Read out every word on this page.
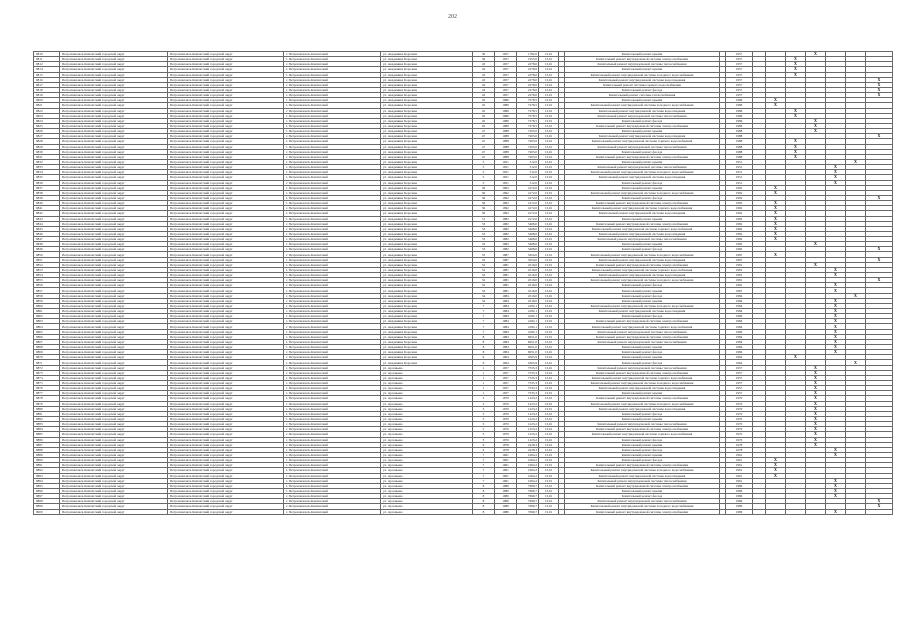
202
9810	Петропавловск-Камчатский городской округ	Петропавловск-Камчатский городской округ	г. Петропавловск-Камчатский	ул. Академика Королева	36	1957	1782,0	13,01		Капитальный ремонт крыши		1957				X			
9811	Петропавловск-Камчатский городской округ	Петропавловск-Камчатский городской округ	г. Петропавловск-Камчатский	ул. Академика Королева	36	1957	1955,0	13,01		Капитальный ремонт внутридомовой системы электроснабжения		1957			X				
9812	Петропавловск-Камчатский городской округ	Петропавловск-Камчатский городской округ	г. Петропавловск-Камчатский	ул. Академика Королева	43	1957	2278,0	13,01		Капитальный ремонт внутридомовой системы теплоснабжения		1957			X				
9814	Петропавловск-Камчатский городской округ	Петропавловск-Камчатский городской округ	г. Петропавловск-Камчатский	ул. Академика Королева	43	1957	2278,0	13,01		Капитальный ремонт крыши		1957			X				
9815	Петропавловск-Камчатский городской округ	Петропавловск-Камчатский городской округ	г. Петропавловск-Камчатский	ул. Академика Королева	43	1957	2278,0	13,01		Капитальный ремонт внутридомовой системы холодного водоснабжения		1957			X				
9816	Петропавловск-Камчатский городской округ	Петропавловск-Камчатский городской округ	г. Петропавловск-Камчатский	ул. Академика Королева	43	1957	2278,0	13,01		Капитальный ремонт внутридомовой системы водоотведения		1957							X
9817	Петропавловск-Камчатский городской округ	Петропавловск-Камчатский городской округ	г. Петропавловск-Камчатский	ул. Академика Королева	43	1957	2278,0	13,01		Капитальный ремонт системы горячего водоснабжения		1957							X
9818	Петропавловск-Камчатский городской округ	Петропавловск-Камчатский городской округ	г. Петропавловск-Камчатский	ул. Академика Королева	43	1957	2278,0	13,01		Капитальный ремонт фасада		1957							X
9819	Петропавловск-Камчатский городской округ	Петропавловск-Камчатский городской округ	г. Петропавловск-Камчатский	ул. Академика Королева	43	1957	2278,0	13,01		Капитальный ремонт системы теплоснабжения		1957							X
9820	Петропавловск-Камчатский городской округ	Петропавловск-Камчатский городской округ	г. Петропавловск-Камчатский	ул. Академика Королева	45	1986	7278,5	13,01		Капитальный ремонт крыши		1986		X					
9821	Петропавловск-Камчатский городской округ	Петропавловск-Камчатский городской округ	г. Петропавловск-Камчатский	ул. Академика Королева	45	1986	7278,5	13,01		Капитальный ремонт внутридомовой системы холодного водоснабжения		1986		X					
9822	Петропавловск-Камчатский городской округ	Петропавловск-Камчатский городской округ	г. Петропавловск-Камчатский	ул. Академика Королева	45	1986	7278,5	13,01		Капитальный ремонт внутридомовой системы водоотведения		1986			X				
9823	Петропавловск-Камчатский городской округ	Петропавловск-Камчатский городской округ	г. Петропавловск-Камчатский	ул. Академика Королева	45	1986	7278,5	13,01		Капитальный ремонт внутридомовой системы теплоснабжения		1986			X				
9824	Петропавловск-Камчатский городской округ	Петропавловск-Камчатский городской округ	г. Петропавловск-Камчатский	ул. Академика Королева	45	1986	7278,5	13,01		Капитальный ремонт фасада		1986				X			
9825	Петропавловск-Камчатский городской округ	Петропавловск-Камчатский городской округ	г. Петропавловск-Камчатский	ул. Академика Королева	45	1986	7278,5	13,01		Капитальный ремонт внутридомовой системы электроснабжения		1986				X			
9826	Петропавловск-Камчатский городской округ	Петропавловск-Камчатский городской округ	г. Петропавловск-Камчатский	ул. Академика Королева	47	1988	7265,0	13,01		Капитальный ремонт крыши		1988				X			
9827	Петропавловск-Камчатский городской округ	Петропавловск-Камчатский городской округ	г. Петропавловск-Камчатский	ул. Академика Королева	47	1988	7265,0	13,01		Капитальный ремонт внутридомовой системы водоотведения		1988							X
9828	Петропавловск-Камчатский городской округ	Петропавловск-Камчатский городской округ	г. Петропавловск-Камчатский	ул. Академика Королева	47	1988	7265,0	13,01		Капитальный ремонт внутридомовой системы горячего водоснабжения		1988			X				
9829	Петропавловск-Камчатский городской округ	Петропавловск-Камчатский городской округ	г. Петропавловск-Камчатский	ул. Академика Королева	47	1988	7265,0	13,01		Капитальный ремонт внутридомовой системы теплоснабжения		1988			X				
9830	Петропавловск-Камчатский городской округ	Петропавловск-Камчатский городской округ	г. Петропавловск-Камчатский	ул. Академика Королева	47	1988	7265,0	13,01		Капитальный ремонт фасада		1988			X				
9831	Петропавловск-Камчатский городской округ	Петропавловск-Камчатский городской округ	г. Петропавловск-Камчатский	ул. Академика Королева	47	1988	7265,0	13,01		Капитальный ремонт внутридомовой системы электроснабжения		1988			X				
9832	Петропавловск-Камчатский городской округ	Петропавловск-Камчатский городской округ	г. Петропавловск-Камчатский	ул. Академика Королева	5	1951	512,0	13,01		Капитальный ремонт крыши		1951						X	
9833	Петропавловск-Камчатский городской округ	Петропавловск-Камчатский городской округ	г. Петропавловск-Камчатский	ул. Академика Королева	5	1951	512,0	13,01		Капитальный ремонт внутридомовой системы теплоснабжения		1951					X		
9834	Петропавловск-Камчатский городской округ	Петропавловск-Камчатский городской округ	г. Петропавловск-Камчатский	ул. Академика Королева	5	1951	512,0	13,01		Капитальный ремонт внутридомовой системы холодного водоснабжения		1951					X		
9835	Петропавловск-Камчатский городской округ	Петропавловск-Камчатский городской округ	г. Петропавловск-Камчатский	ул. Академика Королева	5	1951	512,0	13,01		Капитальный ремонт внутридомовой системы водоотведения		1951					X		
9836	Петропавловск-Камчатский городской округ	Петропавловск-Камчатский городской округ	г. Петропавловск-Камчатский	ул. Академика Королева	5	1951	512,0	13,01		Капитальный ремонт фасада		1951					X		
9837	Петропавловск-Камчатский городской округ	Петропавловск-Камчатский городской округ	г. Петропавловск-Камчатский	ул. Академика Королева	56	1992	4172,0	13,01		Капитальный ремонт крыши		1992		X					
9838	Петропавловск-Камчатский городской округ	Петропавловск-Камчатский городской округ	г. Петропавловск-Камчатский	ул. Академика Королева	56	1992	4172,0	13,01		Капитальный ремонт внутридомовой системы холодного водоснабжения		1992		X					
9839	Петропавловск-Камчатский городской округ	Петропавловск-Камчатский городской округ	г. Петропавловск-Камчатский	ул. Академика Королева	56	1992	4172,0	13,01		Капитальный ремонт фасада		1992							X
9840	Петропавловск-Камчатский городской округ	Петропавловск-Камчатский городской округ	г. Петропавловск-Камчатский	ул. Академика Королева	56	1992	4172,0	13,01		Капитальный ремонт внутридомовой системы электроснабжения		1992		X					
9841	Петропавловск-Камчатский городской округ	Петропавловск-Камчатский городской округ	г. Петропавловск-Камчатский	ул. Академика Королева	56	1992	4172,0	13,01		Капитальный ремонт внутридомовой системы горячего водоснабжения		1992		X					
9842	Петропавловск-Камчатский городской округ	Петропавловск-Камчатский городской округ	г. Петропавловск-Камчатский	ул. Академика Королева	56	1992	4172,0	13,01		Капитальный ремонт внутридомовой системы водоотведения		1992		X					
9843	Петропавловск-Камчатский городской округ	Петропавловск-Камчатский городской округ	г. Петропавловск-Камчатский	ул. Академика Королева	51	1982	4172,0	13,01		Капитальный ремонт крыши		1982		X					
9844	Петропавловск-Камчатский городской округ	Петропавловск-Камчатский городской округ	г. Петропавловск-Камчатский	ул. Академика Королева	53	1982	5468,0	13,01		Капитальный ремонт внутридомовой системы электроснабжения		1982		X					
9845	Петропавловск-Камчатский городской округ	Петропавловск-Камчатский городской округ	г. Петропавловск-Камчатский	ул. Академика Королева	53	1982	5468,0	13,01		Капитальный ремонт внутридомовой системы горячего водоснабжения		1982		X					
9846	Петропавловск-Камчатский городской округ	Петропавловск-Камчатский городской округ	г. Петропавловск-Камчатский	ул. Академика Королева	53	1982	5468,0	13,01		Капитальный ремонт внутридомовой системы водоотведения		1982		X					
9847	Петропавловск-Камчатский городской округ	Петропавловск-Камчатский городской округ	г. Петропавловск-Камчатский	ул. Академика Королева	53	1982	5468,0	13,01		Капитальный ремонт внутридомовой системы теплоснабжения		1982		X					
9848	Петропавловск-Камчатский городской округ	Петропавловск-Камчатский городской округ	г. Петропавловск-Камчатский	ул. Академика Королева	53	1982	5468,0	13,01		Капитальный ремонт крыши		1982				X			
9849	Петропавловск-Камчатский городской округ	Петропавловск-Камчатский городской округ	г. Петропавловск-Камчатский	ул. Академика Королева	53	1982	5468,0	13,01		Капитальный ремонт фасада		1982							X
9850	Петропавловск-Камчатский городской округ	Петропавловск-Камчатский городской округ	г. Петропавловск-Камчатский	ул. Академика Королева	55	1987	5654,0	13,01		Капитальный ремонт внутридомовой системы холодного водоснабжения		1987		X					
9851	Петропавловск-Камчатский городской округ	Петропавловск-Камчатский городской округ	г. Петропавловск-Камчатский	ул. Академика Королева	55	1987	5654,0	13,01		Капитальный ремонт внутридомовой системы водоотведения		1987							X
9852	Петропавловск-Камчатский городской округ	Петропавловск-Камчатский городской округ	г. Петропавловск-Камчатский	ул. Академика Королева	52	1981	4516,0	13,01		Капитальный ремонт внутридомовой системы электроснабжения		1981				X			
9853	Петропавловск-Камчатский городской округ	Петропавловск-Камчатский городской округ	г. Петропавловск-Камчатский	ул. Академика Королева	52	1981	4516,0	13,01		Капитальный ремонт внутридомовой системы горячего водоснабжения		1981					X		
9854	Петропавловск-Камчатский городской округ	Петропавловск-Камчатский городской округ	г. Петропавловск-Камчатский	ул. Академика Королева	52	1981	4516,0	13,01		Капитальный ремонт внутридомовой системы водоотведения		1981					X		
9855	Петропавловск-Камчатский городской округ	Петропавловск-Камчатский городской округ	г. Петропавловск-Камчатский	ул. Академика Королева	52	1981	4516,0	13,01		Капитальный ремонт внутридомовой системы холодного водоснабжения		1981							X
9856	Петропавловск-Камчатский городской округ	Петропавловск-Камчатский городской округ	г. Петропавловск-Камчатский	ул. Академика Королева	52	1981	4516,0	13,01		Капитальный ремонт фасада		1981					X		
9857	Петропавловск-Камчатский городской округ	Петропавловск-Камчатский городской округ	г. Петропавловск-Камчатский	ул. Академика Королева	52	1981	4516,0	13,01		Капитальный ремонт крыши		1981					X		
9858	Петропавловск-Камчатский городской округ	Петропавловск-Камчатский городской округ	г. Петропавловск-Камчатский	ул. Академика Королева	54	1984	4516,0	13,01		Капитальный ремонт фасада		1984						X	
9859	Петропавловск-Камчатский городской округ	Петропавловск-Камчатский городской округ	г. Петропавловск-Камчатский	ул. Академика Королева	54	1984	4516,0	13,01		Капитальный ремонт крыши		1984					X		
9860	Петропавловск-Камчатский городской округ	Петропавловск-Камчатский городской округ	г. Петропавловск-Камчатский	ул. Академика Королева	7	1984	4182,1	13,01		Капитальный ремонт внутридомовой системы холодного водоснабжения		1984					X		
9861	Петропавловск-Камчатский городской округ	Петропавловск-Камчатский городской округ	г. Петропавловск-Камчатский	ул. Академика Королева	7	1984	4182,1	13,01		Капитальный ремонт внутридомовой системы водоотведения		1984					X		
9862	Петропавловск-Камчатский городской округ	Петропавловск-Камчатский городской округ	г. Петропавловск-Камчатский	ул. Академика Королева	7	1984	4182,1	13,01		Капитальный ремонт фасада		1984					X		
9863	Петропавловск-Камчатский городской округ	Петропавловск-Камчатский городской округ	г. Петропавловск-Камчатский	ул. Академика Королева	7	1984	4182,1	13,01		Капитальный ремонт внутридомовой системы электроснабжения		1984					X		
9864	Петропавловск-Камчатский городской округ	Петропавловск-Камчатский городской округ	г. Петропавловск-Камчатский	ул. Академика Королева	7	1984	4182,1	13,01		Капитальный ремонт внутридомовой системы горячего водоснабжения		1984					X		
9865	Петропавловск-Камчатский городской округ	Петропавловск-Камчатский городской округ	г. Петропавловск-Камчатский	ул. Академика Королева	7	1984	4182,1	13,01		Капитальный ремонт внутридомовой системы теплоснабжения		1984					X		
9866	Петропавловск-Камчатский городской округ	Петропавловск-Камчатский городской округ	г. Петропавловск-Камчатский	ул. Академика Королева	8	1984	6051,0	13,01		Капитальный ремонт внутридомовой системы электроснабжения		1984					X		
9867	Петропавловск-Камчатский городской округ	Петропавловск-Камчатский городской округ	г. Петропавловск-Камчатский	ул. Академика Королева	8	1984	6051,0	13,01		Капитальный ремонт внутридомовой системы теплоснабжения		1984					X		
9868	Петропавловск-Камчатский городской округ	Петропавловск-Камчатский городской округ	г. Петропавловск-Камчатский	ул. Академика Королева	8	1984	6051,0	13,01		Капитальный ремонт крыши		1984					X		
9869	Петропавловск-Камчатский городской округ	Петропавловск-Камчатский городской округ	г. Петропавловск-Камчатский	ул. Академика Королева	8	1984	6051,0	13,01		Капитальный ремонт фасада		1984					X		
9870	Петропавловск-Камчатский городской округ	Петропавловск-Камчатский городской округ	г. Петропавловск-Камчатский	ул. Академика Королева	9	1964	4565,9	13,01		Капитальный ремонт крыши		1964			X				
9871	Петропавловск-Камчатский городской округ	Петропавловск-Камчатский городской округ	г. Петропавловск-Камчатский	ул. Академика Королева	9	1964	4565,9	13,01		Капитальный ремонт фасада		1964						X	
9872	Петропавловск-Камчатский городской округ	Петропавловск-Камчатский городской округ	г. Петропавловск-Камчатский	ул. Арсеньева	1	1957	7535,3	13,01		Капитальный ремонт внутридомовой системы теплоснабжения		1957				X			
9873	Петропавловск-Камчатский городской округ	Петропавловск-Камчатский городской округ	г. Петропавловск-Камчатский	ул. Арсеньева	1	1957	7535,3	13,01		Капитальный ремонт внутридомовой системы электроснабжения		1957				X			
9874	Петропавловск-Камчатский городской округ	Петропавловск-Камчатский городской округ	г. Петропавловск-Камчатский	ул. Арсеньева	1	1957	7535,3	13,01		Капитальный ремонт внутридомовой системы горячего водоснабжения		1957				X			
9875	Петропавловск-Камчатский городской округ	Петропавловск-Камчатский городской округ	г. Петропавловск-Камчатский	ул. Арсеньева	1	1957	7535,3	13,01		Капитальный ремонт внутридомовой системы холодного водоснабжения		1957				X			
9876	Петропавловск-Камчатский городской округ	Петропавловск-Камчатский городской округ	г. Петропавловск-Камчатский	ул. Арсеньева	1	1957	7535,3	13,01		Капитальный ремонт внутридомовой системы водоотведения		1957				X			
9877	Петропавловск-Камчатский городской округ	Петропавловск-Камчатский городской округ	г. Петропавловск-Камчатский	ул. Арсеньева	1	1957	7535,3	13,01		Капитальный ремонт крыши		1957				X			
9878	Петропавловск-Камчатский городской округ	Петропавловск-Камчатский городской округ	г. Петропавловск-Камчатский	ул. Арсеньева	3	1970	1223,2	13,01		Капитальный ремонт внутридомовой системы электроснабжения		1970				X			
9879	Петропавловск-Камчатский городской округ	Петропавловск-Камчатский городской округ	г. Петропавловск-Камчатский	ул. Арсеньева	3	1970	1223,2	13,01		Капитальный ремонт внутридомовой системы холодного водоснабжения		1970				X			
9880	Петропавловск-Камчатский городской округ	Петропавловск-Камчатский городской округ	г. Петропавловск-Камчатский	ул. Арсеньева	3	1970	1223,2	13,01		Капитальный ремонт внутридомовой системы водоотведения		1970				X			
9881	Петропавловск-Камчатский городской округ	Петропавловск-Камчатский городской округ	г. Петропавловск-Камчатский	ул. Арсеньева	3	1970	1223,2	13,01		Капитальный ремонт фасада		1970				X			
9882	Петропавловск-Камчатский городской округ	Петропавловск-Камчатский городской округ	г. Петропавловск-Камчатский	ул. Арсеньева	3	1970	1223,2	13,01		Капитальный ремонт крыши		1970				X			
9883	Петропавловск-Камчатский городской округ	Петропавловск-Камчатский городской округ	г. Петропавловск-Камчатский	ул. Арсеньева	5	1970	1223,2	13,01		Капитальный ремонт внутридомовой системы теплоснабжения		1970				X			
9884	Петропавловск-Камчатский городской округ	Петропавловск-Камчатский городской округ	г. Петропавловск-Камчатский	ул. Арсеньева	5	1970	1223,2	13,01		Капитальный ремонт внутридомовой системы электроснабжения		1970				X			
9885	Петропавловск-Камчатский городской округ	Петропавловск-Камчатский городской округ	г. Петропавловск-Камчатский	ул. Арсеньева	5	1970	1223,2	13,01		Капитальный ремонт внутридомовой системы горячего водоснабжения		1970				X			
9886	Петропавловск-Камчатский городской округ	Петропавловск-Камчатский городской округ	г. Петропавловск-Камчатский	ул. Арсеньева	5	1970	1223,2	13,01		Капитальный ремонт фасада		1970				X			
9887	Петропавловск-Камчатский городской округ	Петропавловск-Камчатский городской округ	г. Петропавловск-Камчатский	ул. Арсеньева	6	1978	2228,3	13,01		Капитальный ремонт крыши		1978				X			
9888	Петропавловск-Камчатский городской округ	Петропавловск-Камчатский городской округ	г. Петропавловск-Камчатский	ул. Арсеньева	6	1978	2228,3	13,01		Капитальный ремонт фасада		1978					X		
9889	Петропавловск-Камчатский городской округ	Петропавловск-Камчатский городской округ	г. Петропавловск-Камчатский	ул. Арсеньева	7	1961	1064,2	13,01		Капитальный ремонт крыши		1961					X		
9890	Петропавловск-Камчатский городской округ	Петропавловск-Камчатский городской округ	г. Петропавловск-Камчатский	ул. Арсеньева	7	1961	1064,2	13,01		Капитальный ремонт фасада		1961		X					
9891	Петропавловск-Камчатский городской округ	Петропавловск-Камчатский городской округ	г. Петропавловск-Камчатский	ул. Арсеньева	7	1961	1064,2	13,01		Капитальный ремонт внутридомовой системы электроснабжения		1961		X					
9892	Петропавловск-Камчатский городской округ	Петропавловск-Камчатский городской округ	г. Петропавловск-Камчатский	ул. Арсеньева	7	1961	1064,2	13,01		Капитальный ремонт внутридомовой системы холодного водоснабжения		1961		X					
9893	Петропавловск-Камчатский городской округ	Петропавловск-Камчатский городской округ	г. Петропавловск-Камчатский	ул. Арсеньева	7	1961	1064,2	13,01		Капитальный ремонт внутридомовой системы водоотведения		1961		X					
9894	Петропавловск-Камчатский городской округ	Петропавловск-Камчатский городской округ	г. Петропавловск-Камчатский	ул. Арсеньева	7	1961	1064,2	13,01		Капитальный ремонт внутридомовой системы теплоснабжения		1961					X		
9895	Петропавловск-Камчатский городской округ	Петропавловск-Камчатский городской округ	г. Петропавловск-Камчатский	ул. Арсеньева	8	1986	7699,7	13,01		Капитальный ремонт внутридомовой системы электроснабжения		1986					X		
9896	Петропавловск-Камчатский городской округ	Петропавловск-Камчатский городской округ	г. Петропавловск-Камчатский	ул. Арсеньева	8	1986	7699,7	13,01		Капитальный ремонт крыши		1986					X		
9897	Петропавловск-Камчатский городской округ	Петропавловск-Камчатский городской округ	г. Петропавловск-Камчатский	ул. Арсеньева	8	1986	7699,7	13,01		Капитальный ремонт фасада		1986					X		
9898	Петропавловск-Камчатский городской округ	Петропавловск-Камчатский городской округ	г. Петропавловск-Камчатский	ул. Арсеньева	8	1986	7699,7	13,01		Капитальный ремонт внутридомовой системы теплоснабжения		1986							X
9899	Петропавловск-Камчатский городской округ	Петропавловск-Камчатский городской округ	г. Петропавловск-Камчатский	ул. Арсеньева	8	1986	7699,7	13,01		Капитальный ремонт внутридомовой системы холодного водоснабжения		1986							X
9900	Петропавловск-Камчатский городской округ	Петропавловск-Камчатский городской округ	г. Петропавловск-Камчатский	ул. Арсеньева	8	1986	7699,7	13,01		Капитальный ремонт внутридомовой системы электроснабжения		1986					X		
